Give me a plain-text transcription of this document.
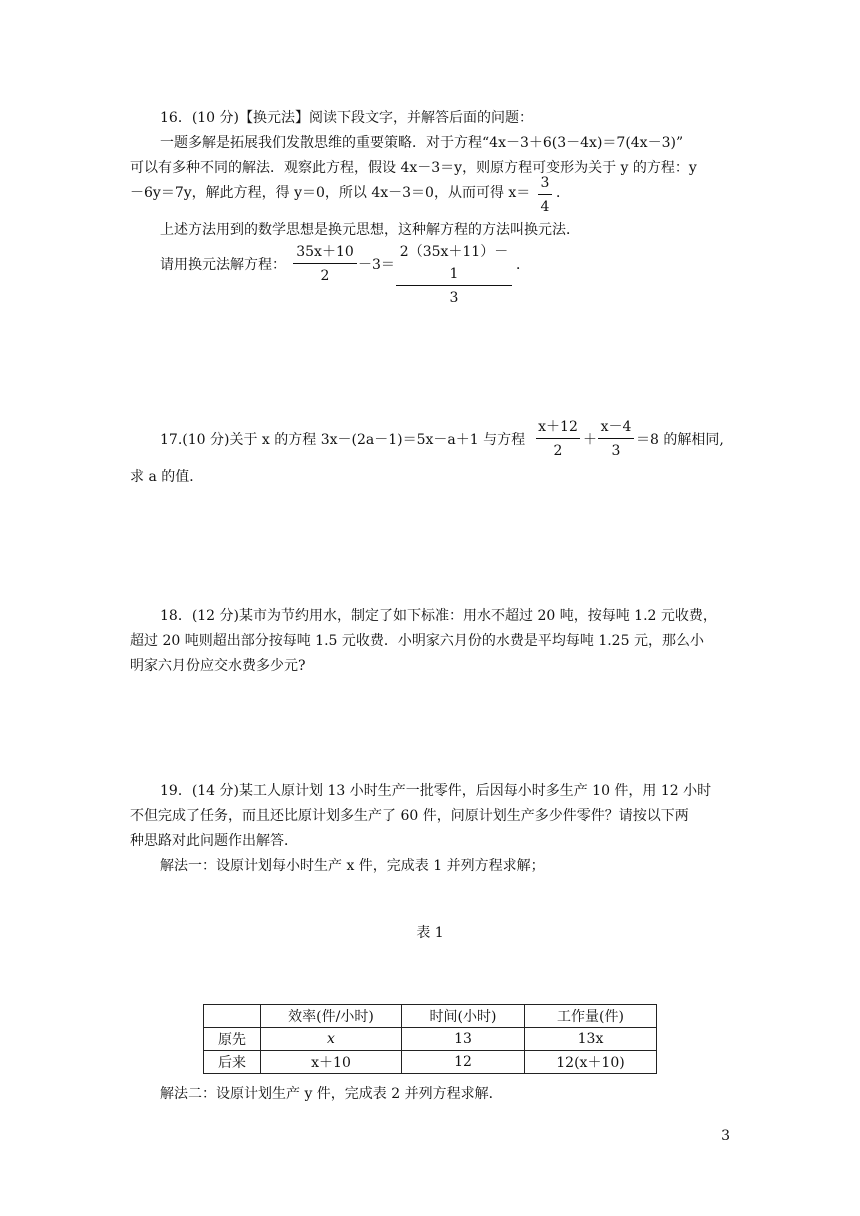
16．(10 分)【换元法】阅读下段文字，并解答后面的问题：
一题多解是拓展我们发散思维的重要策略．对于方程“4x－3＋6(3－4x)＝7(4x－3)”
可以有多种不同的解法．观察此方程，假设 4x－3＝y，则原方程可变形为关于 y 的方程：y
－6y＝7y，解此方程，得 y＝0，所以 4x－3＝0，从而可得 $x= \frac{3}{4}$ ．
上述方法用到的数学思想是换元思想，这种解方程的方法叫换元法．
请用换元法解方程： $\frac{35x+10}{2} -3= \frac{2(35x+11)-1}{3}$ ．
17.(10 分)关于 x 的方程 3x－(2a－1)＝5x－a＋1 与方程 $\frac{x+12}{2} + \frac{x-4}{3} =8$ 的解相同,
求 a 的值．
18．(12 分)某市为节约用水，制定了如下标准：用水不超过 20 吨，按每吨 1.2 元收费，
超过 20 吨则超出部分按每吨 1.5 元收费．小明家六月份的水费是平均每吨 1.25 元，那么小
明家六月份应交水费多少元?
19．(14 分)某工人原计划 13 小时生产一批零件，后因每小时多生产 10 件，用 12 小时
不但完成了任务，而且还比原计划多生产了 60 件，问原计划生产多少件零件？请按以下两
种思路对此问题作出解答．
解法一：设原计划每小时生产 x 件，完成表 1 并列方程求解；
表 1
	效率(件/小时)	时间(小时)	工作量(件)
原先	x	13	13x
后来	x＋10	12	12(x＋10)
解法二：设原计划生产 y 件，完成表 2 并列方程求解．
3
